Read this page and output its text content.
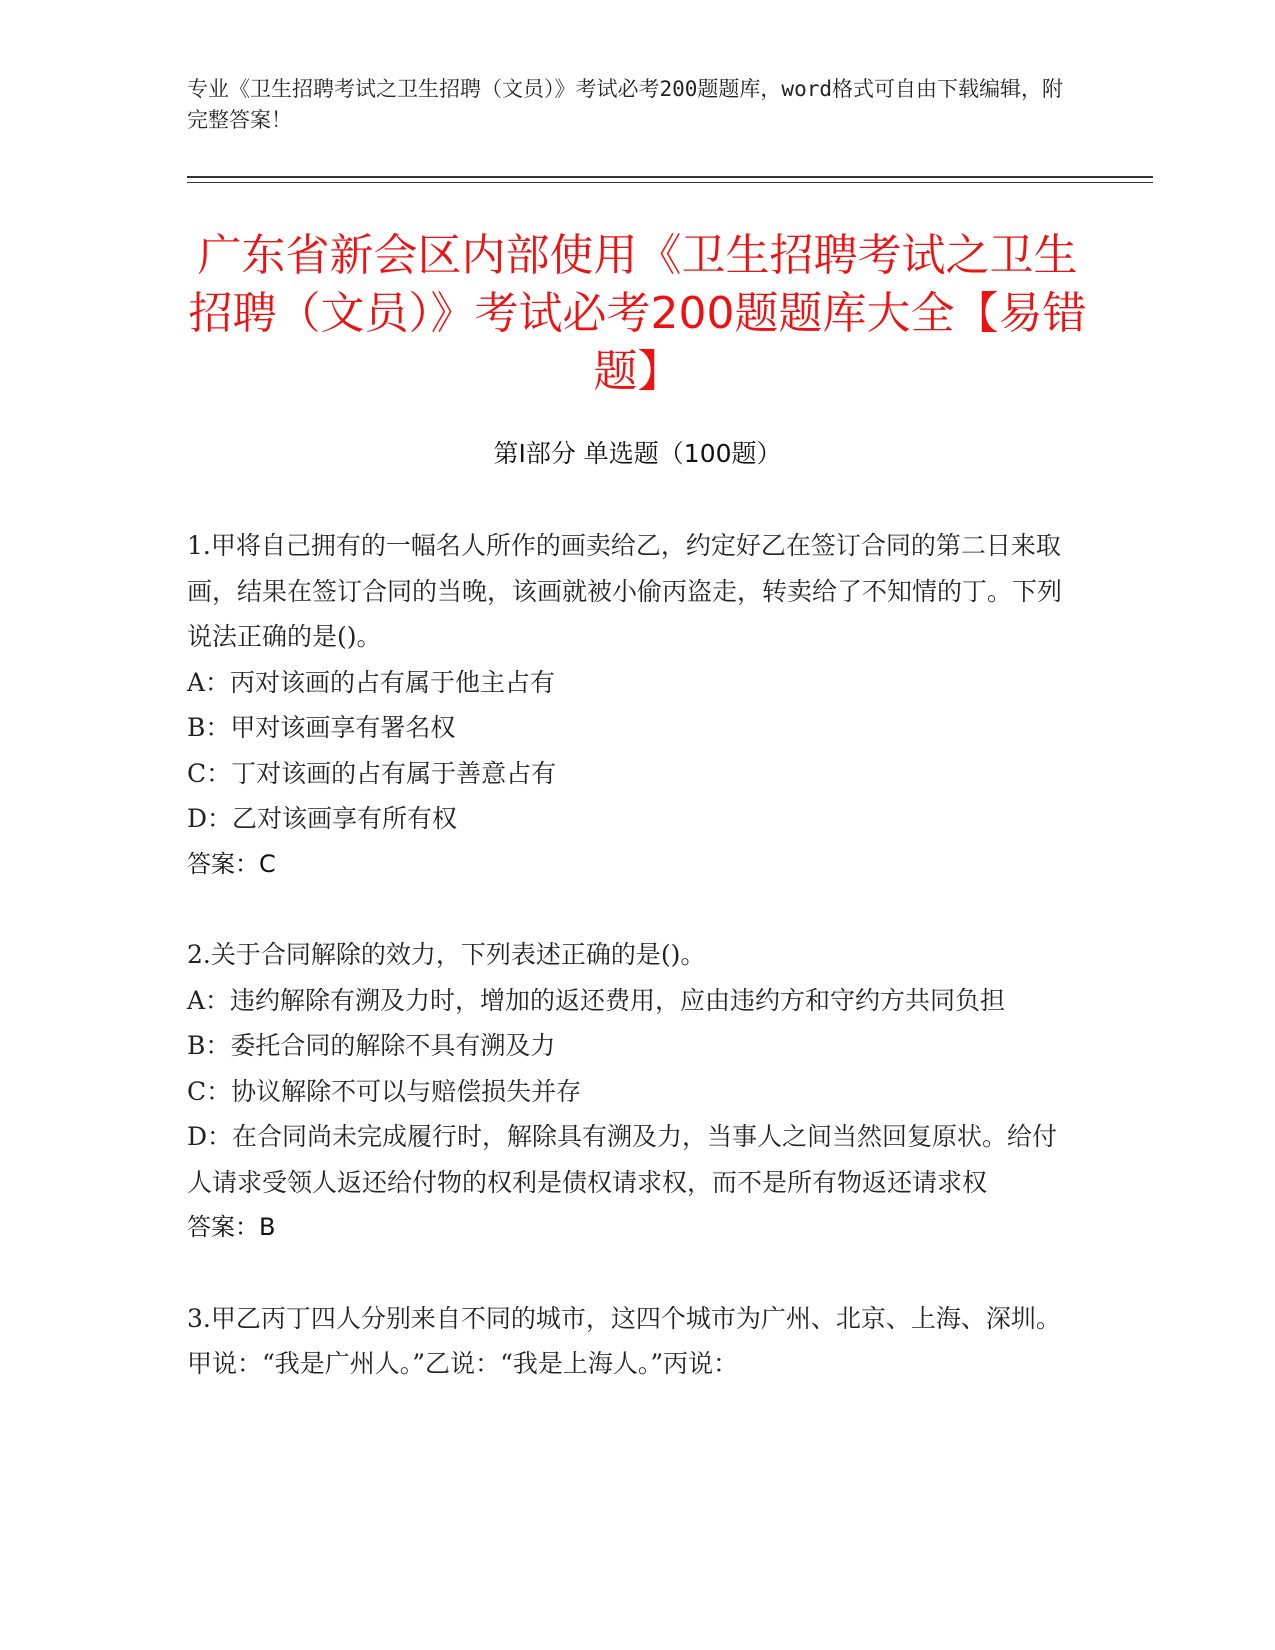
专业《卫生招聘考试之卫生招聘（文员）》考试必考200题题库，word格式可自由下载编辑，附完整答案！
广东省新会区内部使用《卫生招聘考试之卫生招聘（文员）》考试必考200题题库大全【易错题】
第Ⅰ部分 单选题（100题）

1.甲将自己拥有的一幅名人所作的画卖给乙，约定好乙在签订合同的第二日来取画，结果在签订合同的当晚，该画就被小偷丙盗走，转卖给了不知情的丁。下列说法正确的是()。

A：丙对该画的占有属于他主占有

B：甲对该画享有署名权

C：丁对该画的占有属于善意占有

D：乙对该画享有所有权

答案：C

2.关于合同解除的效力，下列表述正确的是()。

A：违约解除有溯及力时，增加的返还费用，应由违约方和守约方共同负担

B：委托合同的解除不具有溯及力

C：协议解除不可以与赔偿损失并存

D：在合同尚未完成履行时，解除具有溯及力，当事人之间当然回复原状。给付人请求受领人返还给付物的权利是债权请求权，而不是所有物返还请求权

答案：B

3.甲乙丙丁四人分别来自不同的城市，这四个城市为广州、北京、上海、深圳。甲说：“我是广州人。”乙说：“我是上海人。”丙说：
